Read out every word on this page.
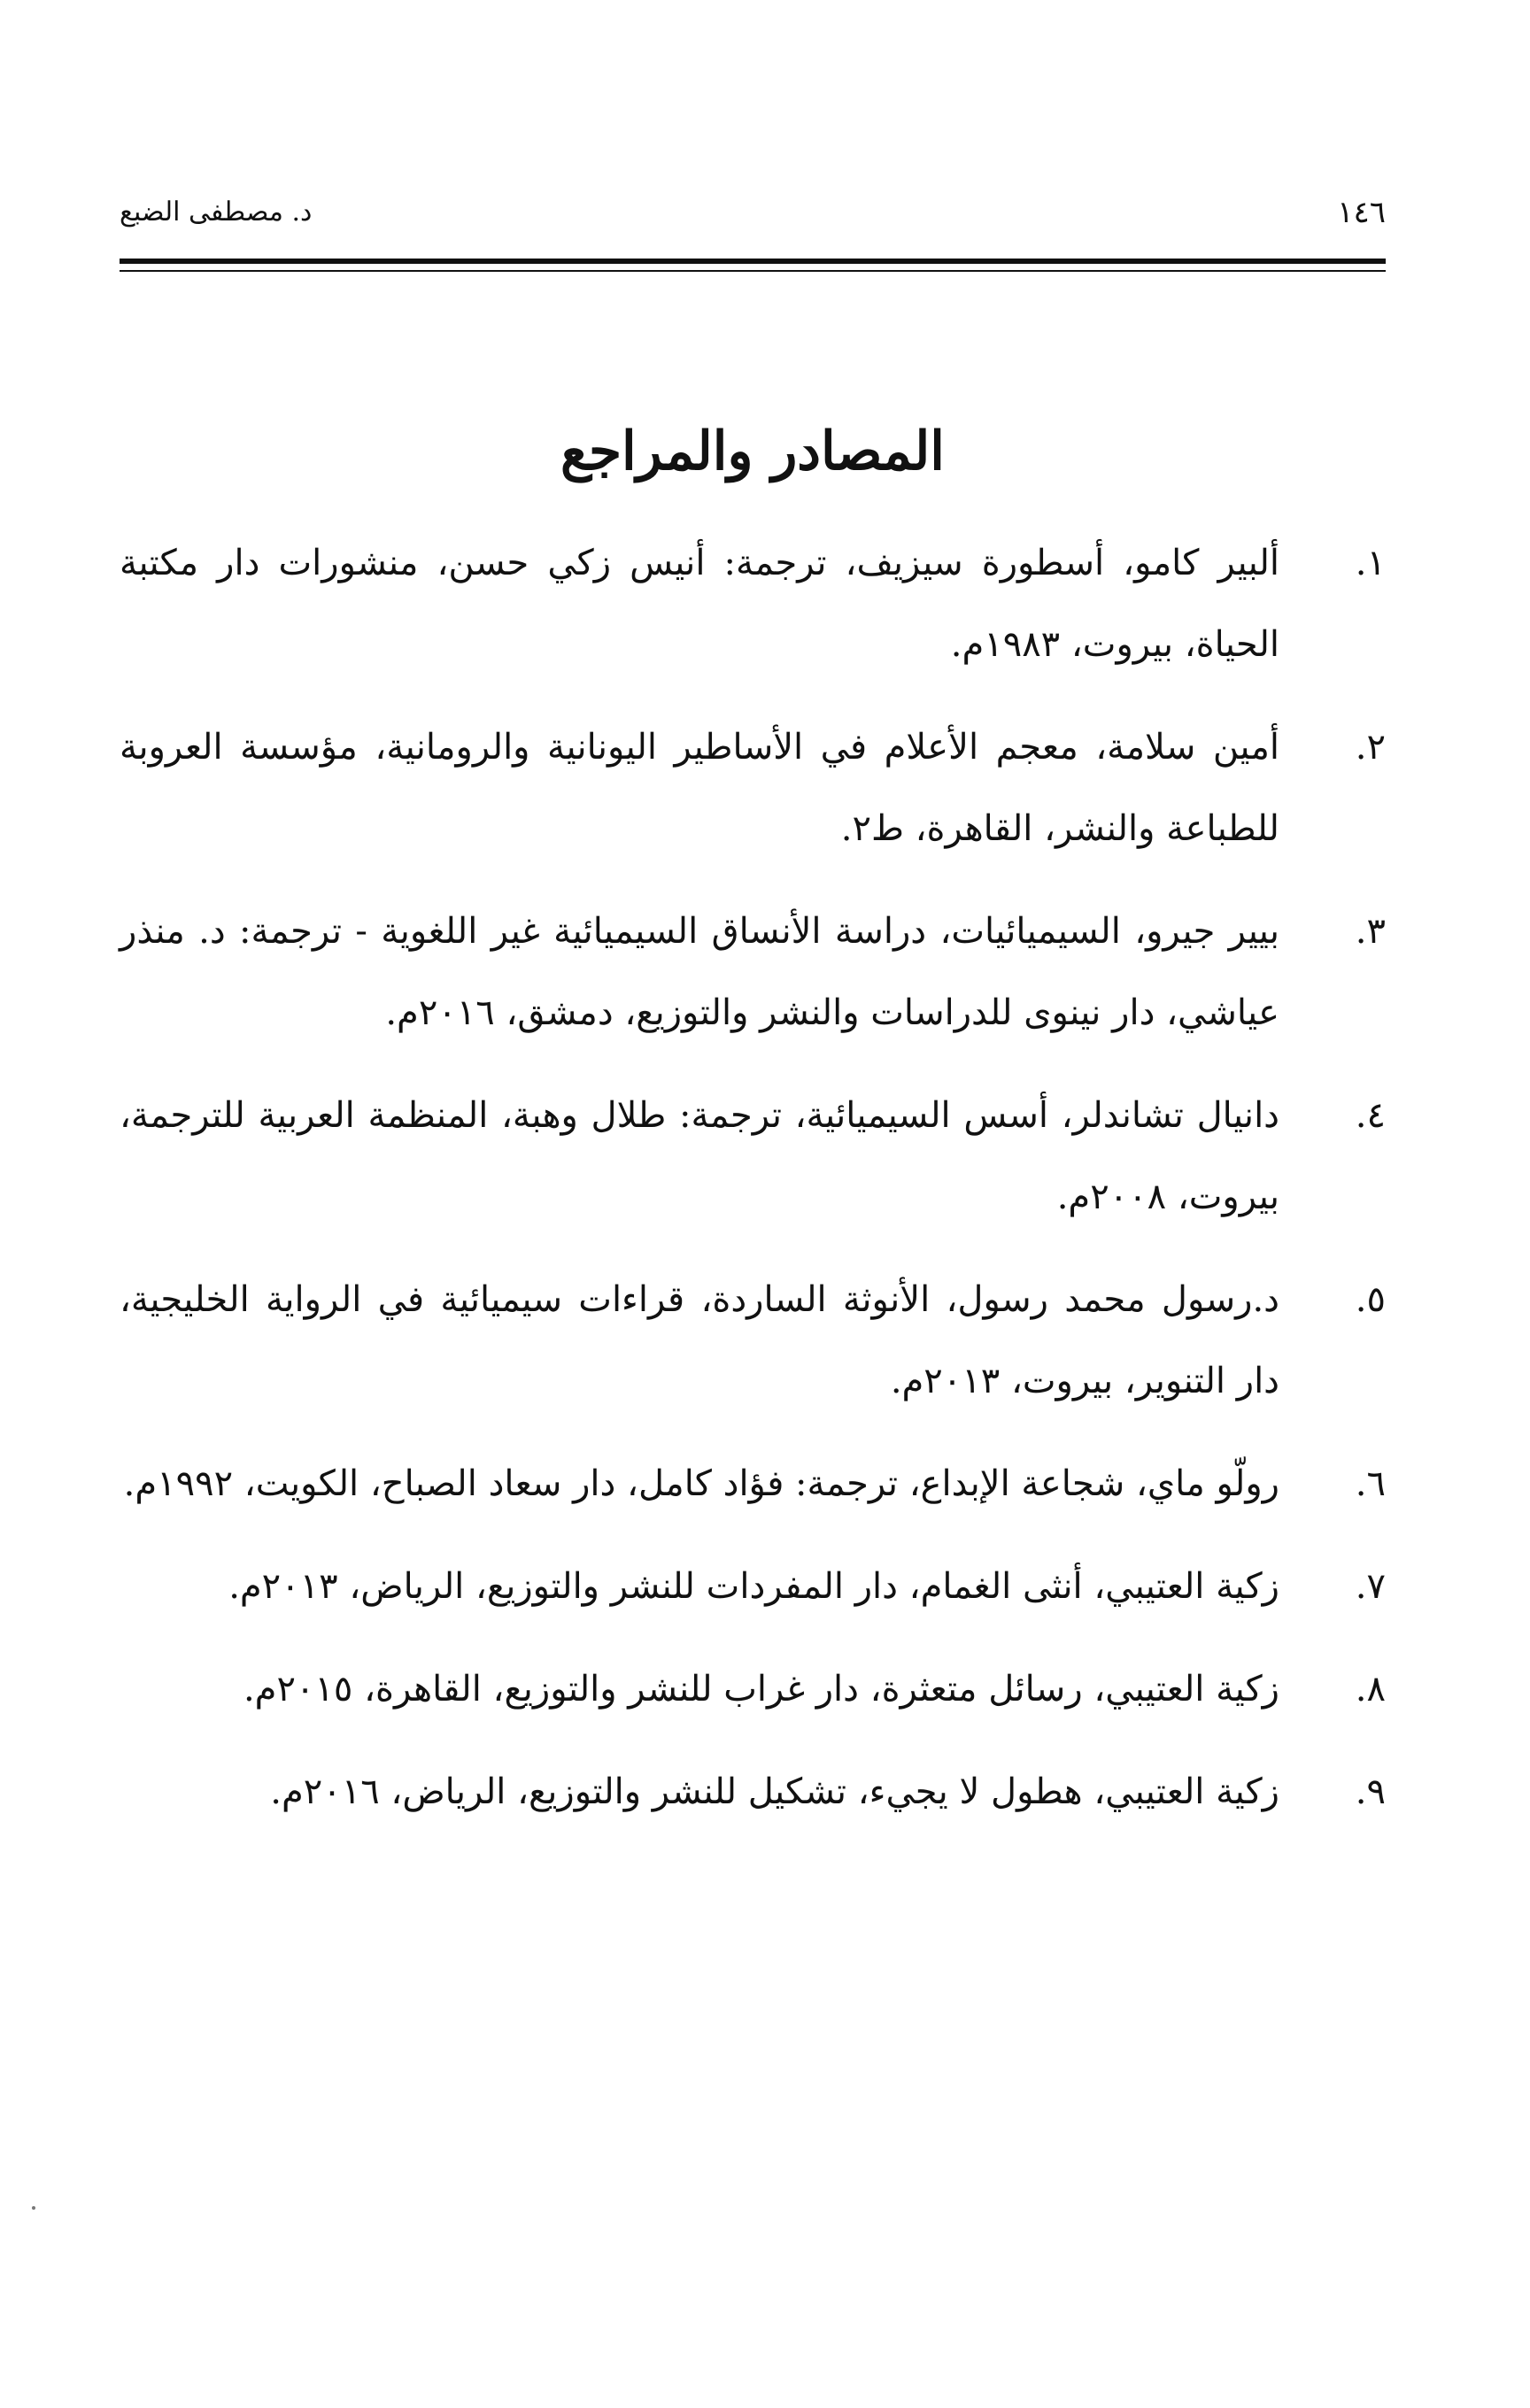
١٤٦
د. مصطفى الضبع
المصادر والمراجع
١.
ألبير كامو، أسطورة سيزيف، ترجمة: أنيس زكي حسن، منشورات دار مكتبة الحياة، بيروت، ١٩٨٣م.
٢.
أمين سلامة، معجم الأعلام في الأساطير اليونانية والرومانية، مؤسسة العروبة للطباعة والنشر، القاهرة، ط٢.
٣.
بيير جيرو، السيميائيات، دراسة الأنساق السيميائية غير اللغوية - ترجمة: د. منذر عياشي، دار نينوى للدراسات والنشر والتوزيع، دمشق، ٢٠١٦م.
٤.
دانيال تشاندلر، أسس السيميائية، ترجمة: طلال وهبة، المنظمة العربية للترجمة، بيروت، ٢٠٠٨م.
٥.
د.رسول محمد رسول، الأنوثة الساردة، قراءات سيميائية في الرواية الخليجية، دار التنوير، بيروت، ٢٠١٣م.
٦.
رولّو ماي، شجاعة الإبداع، ترجمة: فؤاد كامل، دار سعاد الصباح، الكويت، ١٩٩٢م.
٧.
زكية العتيبي، أنثى الغمام، دار المفردات للنشر والتوزيع، الرياض، ٢٠١٣م.
٨.
زكية العتيبي، رسائل متعثرة، دار غراب للنشر والتوزيع، القاهرة، ٢٠١٥م.
٩.
زكية العتيبي، هطول لا يجيء، تشكيل للنشر والتوزيع، الرياض، ٢٠١٦م.
